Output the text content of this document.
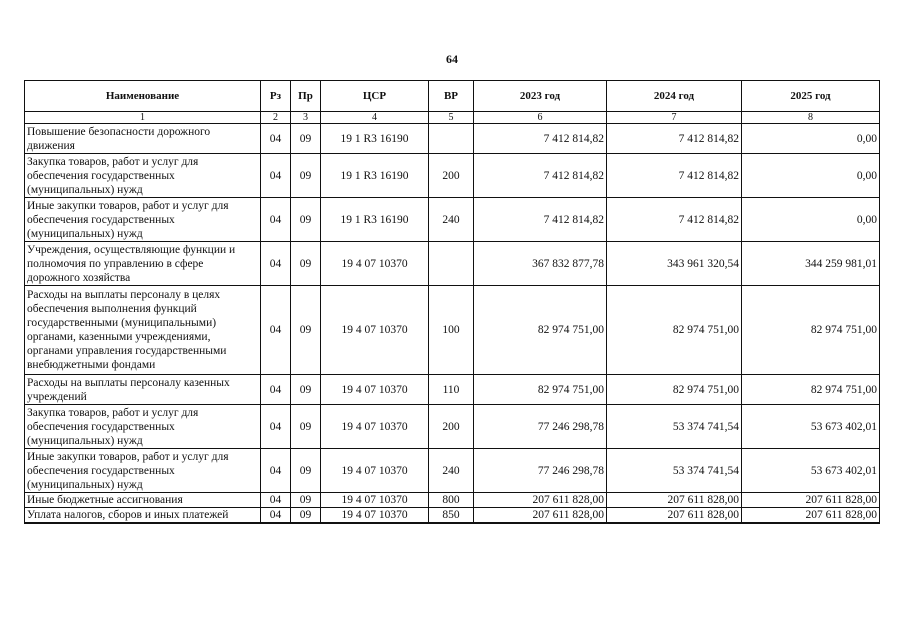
64
Наименование	Рз	Пр	ЦСР	ВР	2023 год	2024 год	2025 год
1	2	3	4	5	6	7	8
Повышение безопасности дорожного движения	04	09	19 1 R3 16190		7 412 814,82	7 412 814,82	0,00
Закупка товаров, работ и услуг для обеспечения государственных (муниципальных) нужд	04	09	19 1 R3 16190	200	7 412 814,82	7 412 814,82	0,00
Иные закупки товаров, работ и услуг для обеспечения государственных (муниципальных) нужд	04	09	19 1 R3 16190	240	7 412 814,82	7 412 814,82	0,00
Учреждения, осуществляющие функции и полномочия по управлению в сфере дорожного хозяйства	04	09	19 4 07 10370		367 832 877,78	343 961 320,54	344 259 981,01
Расходы на выплаты персоналу в целях обеспечения выполнения функций государственными (муниципальными) органами, казенными учреждениями, органами управления государственными внебюджетными фондами	04	09	19 4 07 10370	100	82 974 751,00	82 974 751,00	82 974 751,00
Расходы на выплаты персоналу казенных учреждений	04	09	19 4 07 10370	110	82 974 751,00	82 974 751,00	82 974 751,00
Закупка товаров, работ и услуг для обеспечения государственных (муниципальных) нужд	04	09	19 4 07 10370	200	77 246 298,78	53 374 741,54	53 673 402,01
Иные закупки товаров, работ и услуг для обеспечения государственных (муниципальных) нужд	04	09	19 4 07 10370	240	77 246 298,78	53 374 741,54	53 673 402,01
Иные бюджетные ассигнования	04	09	19 4 07 10370	800	207 611 828,00	207 611 828,00	207 611 828,00
Уплата налогов, сборов и иных платежей	04	09	19 4 07 10370	850	207 611 828,00	207 611 828,00	207 611 828,00
